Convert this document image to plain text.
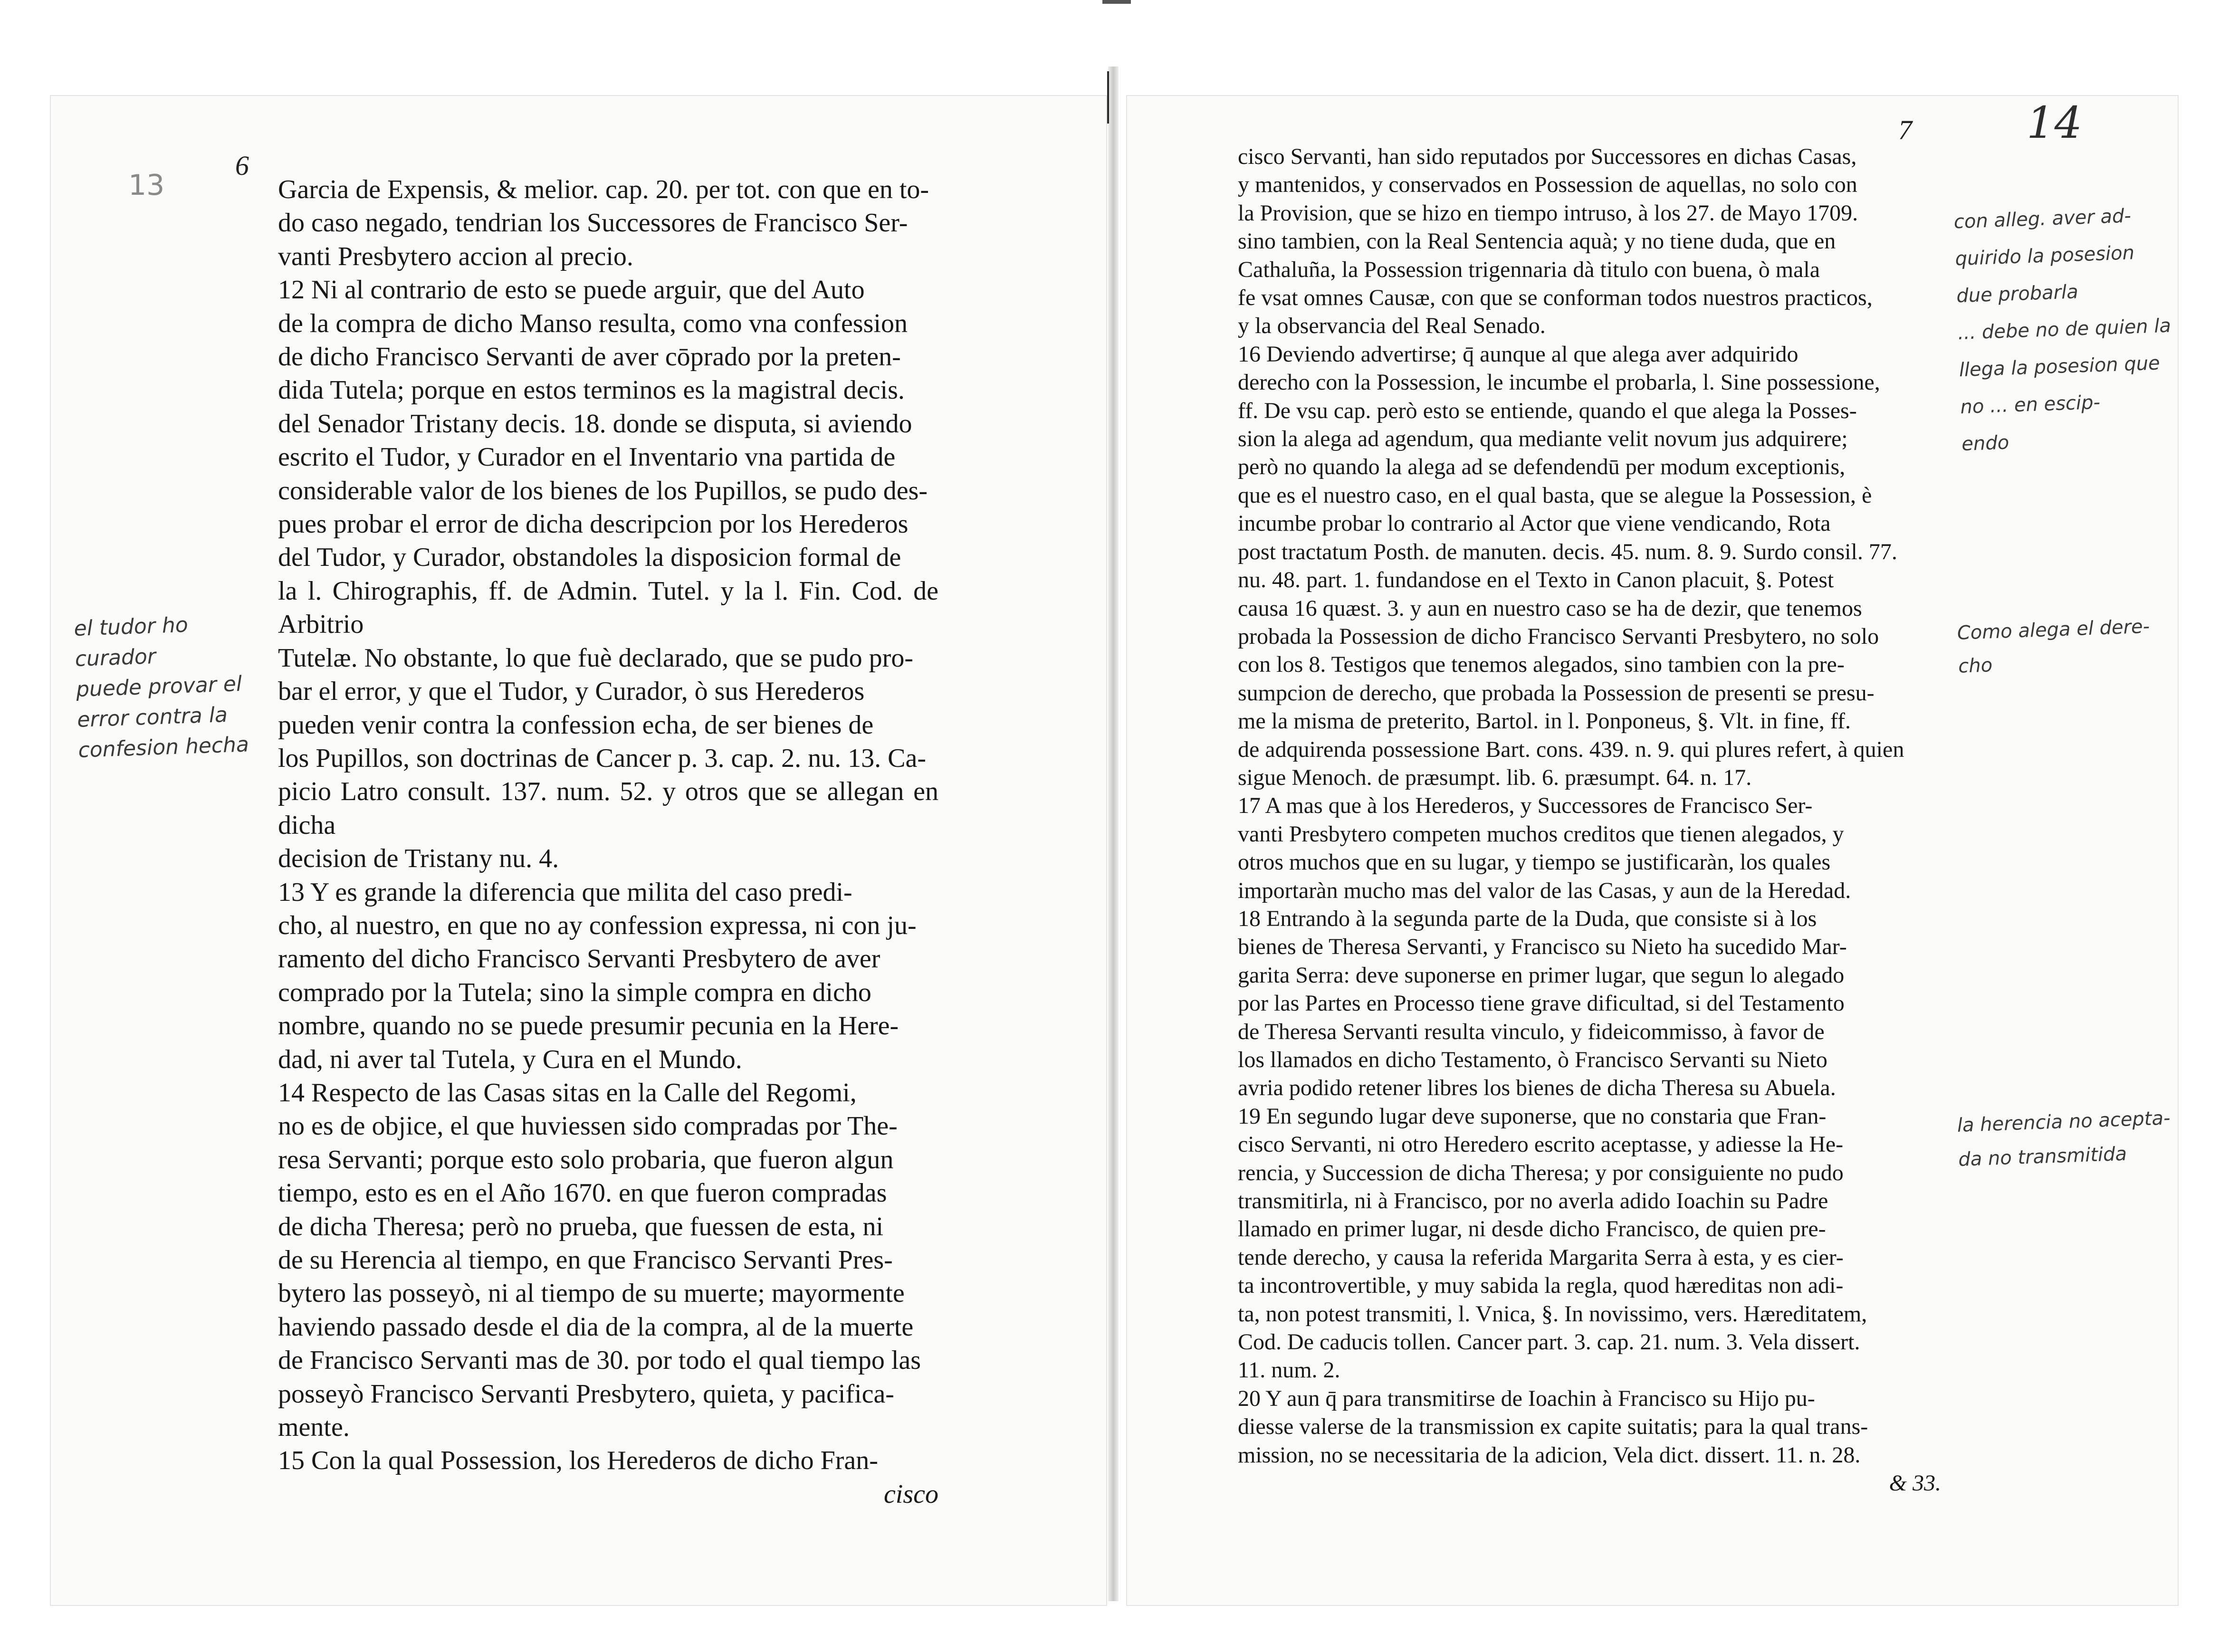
6
13	Garcia de Expensis, & melior. cap. 20. per tot. con que en to-

do caso negado, tendrian los Successores de Francisco Ser-

vanti Presbytero accion al precio.

12 Ni al contrario de esto se puede arguir, que del Auto

de la compra de dicho Manso resulta, como vna confession

de dicho Francisco Servanti de aver cōprado por la preten-

dida Tutela; porque en estos terminos es la magistral decis.

del Senador Tristany decis. 18. donde se disputa, si aviendo

escrito el Tudor, y Curador en el Inventario vna partida de

considerable valor de los bienes de los Pupillos, se pudo des-

pues probar el error de dicha descripcion por los Herederos

del Tudor, y Curador, obstandoles la disposicion formal de

la l. Chirographis, ff. de Admin. Tutel. y la l. Fin. Cod. de Arbitrio

Tutelæ. No obstante, lo que fuè declarado, que se pudo pro-

bar el error, y que el Tudor, y Curador, ò sus Herederos

pueden venir contra la confession echa, de ser bienes de

los Pupillos, son doctrinas de Cancer p. 3. cap. 2. nu. 13. Ca-

picio Latro consult. 137. num. 52. y otros que se allegan en dicha

decision de Tristany nu. 4.

13 Y es grande la diferencia que milita del caso predi-

cho, al nuestro, en que no ay confession expressa, ni con ju-

ramento del dicho Francisco Servanti Presbytero de aver

comprado por la Tutela; sino la simple compra en dicho

nombre, quando no se puede presumir pecunia en la Here-

dad, ni aver tal Tutela, y Cura en el Mundo.

14 Respecto de las Casas sitas en la Calle del Regomi,

no es de objice, el que huviessen sido compradas por The-

resa Servanti; porque esto solo probaria, que fueron algun

tiempo, esto es en el Año 1670. en que fueron compradas

de dicha Theresa; però no prueba, que fuessen de esta, ni

de su Herencia al tiempo, en que Francisco Servanti Pres-

bytero las posseyò, ni al tiempo de su muerte; mayormente

haviendo passado desde el dia de la compra, al de la muerte

de Francisco Servanti mas de 30. por todo el qual tiempo las

posseyò Francisco Servanti Presbytero, quieta, y pacifica-

mente.

15 Con la qual Possession, los Herederos de dicho Fran-

cisco

el tudor ho curador
puede provar el
error contra la
confesion hecha
7	14

cisco Servanti, han sido reputados por Successores en dichas Casas,

y mantenidos, y conservados en Possession de aquellas, no solo con

la Provision, que se hizo en tiempo intruso, à los 27. de Mayo 1709.

sino tambien, con la Real Sentencia aquà; y no tiene duda, que en

Cathaluña, la Possession trigennaria dà titulo con buena, ò mala

fe vsat omnes Causæ, con que se conforman todos nuestros practicos,

y la observancia del Real Senado.

16 Deviendo advertirse; q̄ aunque al que alega aver adquirido

derecho con la Possession, le incumbe el probarla, l. Sine possessione,

ff. De vsu cap. però esto se entiende, quando el que alega la Posses-

sion la alega ad agendum, qua mediante velit novum jus adquirere;

però no quando la alega ad se defendendū per modum exceptionis,

que es el nuestro caso, en el qual basta, que se alegue la Possession, è

incumbe probar lo contrario al Actor que viene vendicando, Rota

post tractatum Posth. de manuten. decis. 45. num. 8. 9. Surdo consil. 77.

nu. 48. part. 1. fundandose en el Texto in Canon placuit, §. Potest

causa 16 quæst. 3. y aun en nuestro caso se ha de dezir, que tenemos

probada la Possession de dicho Francisco Servanti Presbytero, no solo

con los 8. Testigos que tenemos alegados, sino tambien con la pre-

sumpcion de derecho, que probada la Possession de presenti se presu-

me la misma de preterito, Bartol. in l. Ponponeus, §. Vlt. in fine, ff.

de adquirenda possessione Bart. cons. 439. n. 9. qui plures refert, à quien

sigue Menoch. de præsumpt. lib. 6. præsumpt. 64. n. 17.

17 A mas que à los Herederos, y Successores de Francisco Ser-

vanti Presbytero competen muchos creditos que tienen alegados, y

otros muchos que en su lugar, y tiempo se justificaràn, los quales

importaràn mucho mas del valor de las Casas, y aun de la Heredad.

18 Entrando à la segunda parte de la Duda, que consiste si à los

bienes de Theresa Servanti, y Francisco su Nieto ha sucedido Mar-

garita Serra: deve suponerse en primer lugar, que segun lo alegado

por las Partes en Processo tiene grave dificultad, si del Testamento

de Theresa Servanti resulta vinculo, y fideicommisso, à favor de

los llamados en dicho Testamento, ò Francisco Servanti su Nieto

avria podido retener libres los bienes de dicha Theresa su Abuela.

19 En segundo lugar deve suponerse, que no constaria que Fran-

cisco Servanti, ni otro Heredero escrito aceptasse, y adiesse la He-

rencia, y Succession de dicha Theresa; y por consiguiente no pudo

transmitirla, ni à Francisco, por no averla adido Ioachin su Padre

llamado en primer lugar, ni desde dicho Francisco, de quien pre-

tende derecho, y causa la referida Margarita Serra à esta, y es cier-

ta incontrovertible, y muy sabida la regla, quod hæreditas non adi-

ta, non potest transmiti, l. Vnica, §. In novissimo, vers. Hæreditatem,

Cod. De caducis tollen. Cancer part. 3. cap. 21. num. 3. Vela dissert.

11. num. 2.

20 Y aun q̄ para transmitirse de Ioachin à Francisco su Hijo pu-

diesse valerse de la transmission ex capite suitatis; para la qual trans-

mission, no se necessitaria de la adicion, Vela dict. dissert. 11. n. 28.

& 33.

con alleg. aver ad-
quirido la posesion
due probarla
... debe no de quien la
llega la posesion que
no ... en escip-
endo
Como alega el dere-
cho
la herencia no acepta-
da no transmitida
